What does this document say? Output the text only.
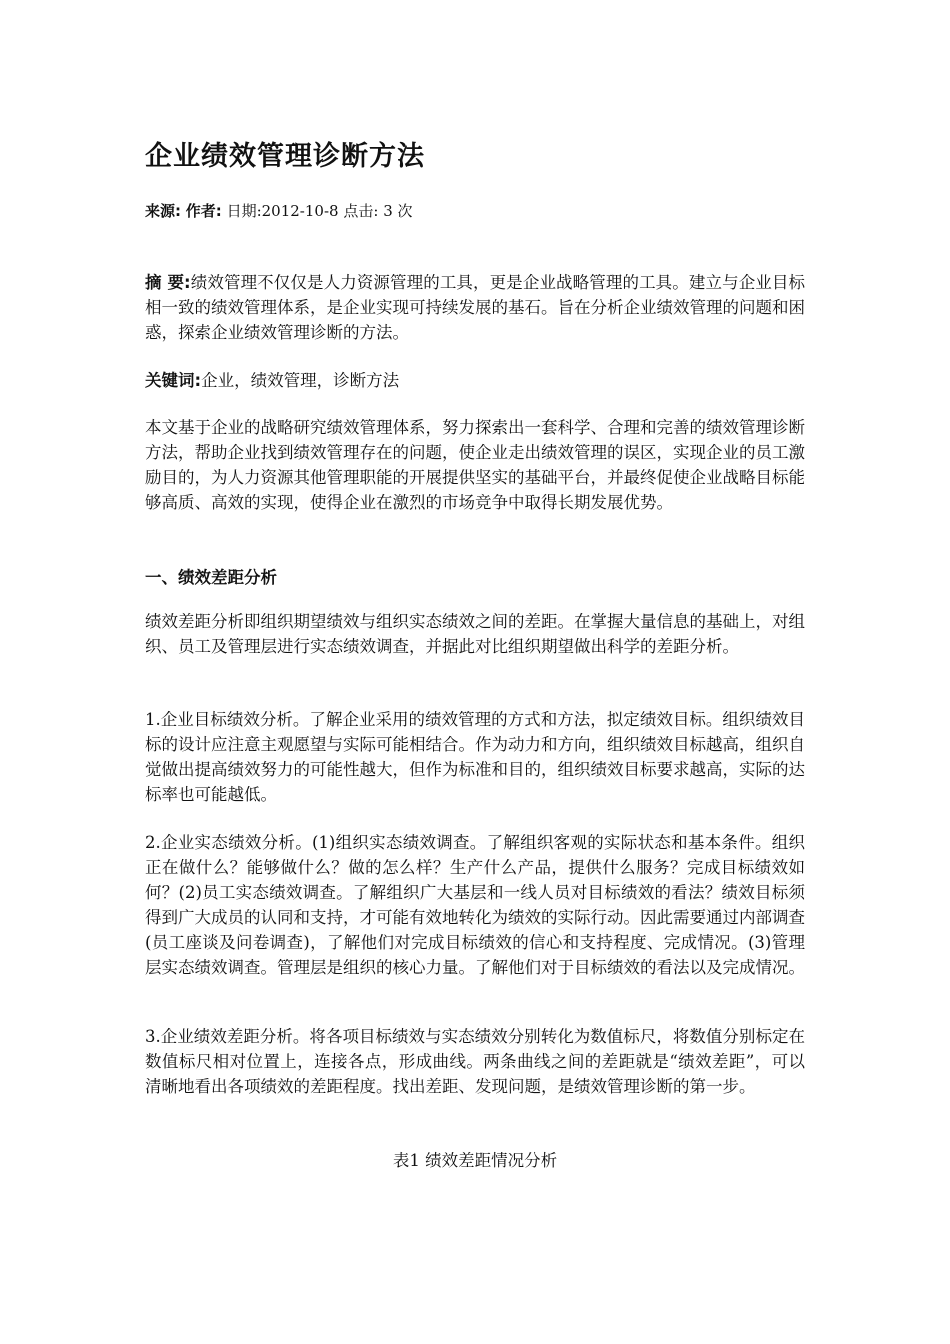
企业绩效管理诊断方法
来源: 作者: 日期:2012-10-8 点击: 3 次

摘 要:绩效管理不仅仅是人力资源管理的工具，更是企业战略管理的工具。建立与企业目标相一致的绩效管理体系，是企业实现可持续发展的基石。旨在分析企业绩效管理的问题和困惑，探索企业绩效管理诊断的方法。

关键词:企业，绩效管理，诊断方法

本文基于企业的战略研究绩效管理体系，努力探索出一套科学、合理和完善的绩效管理诊断方法，帮助企业找到绩效管理存在的问题，使企业走出绩效管理的误区，实现企业的员工激励目的，为人力资源其他管理职能的开展提供坚实的基础平台，并最终促使企业战略目标能够高质、高效的实现，使得企业在激烈的市场竞争中取得长期发展优势。

一、绩效差距分析

绩效差距分析即组织期望绩效与组织实态绩效之间的差距。在掌握大量信息的基础上，对组织、员工及管理层进行实态绩效调查，并据此对比组织期望做出科学的差距分析。

1.企业目标绩效分析。了解企业采用的绩效管理的方式和方法，拟定绩效目标。组织绩效目标的设计应注意主观愿望与实际可能相结合。作为动力和方向，组织绩效目标越高，组织自觉做出提高绩效努力的可能性越大，但作为标准和目的，组织绩效目标要求越高，实际的达标率也可能越低。

2.企业实态绩效分析。(1)组织实态绩效调查。了解组织客观的实际状态和基本条件。组织正在做什么？能够做什么？做的怎么样？生产什么产品，提供什么服务？完成目标绩效如何？(2)员工实态绩效调查。了解组织广大基层和一线人员对目标绩效的看法？绩效目标须得到广大成员的认同和支持，才可能有效地转化为绩效的实际行动。因此需要通过内部调查(员工座谈及问卷调查)，了解他们对完成目标绩效的信心和支持程度、完成情况。(3)管理层实态绩效调查。管理层是组织的核心力量。了解他们对于目标绩效的看法以及完成情况。

3.企业绩效差距分析。将各项目标绩效与实态绩效分别转化为数值标尺，将数值分别标定在数值标尺相对位置上，连接各点，形成曲线。两条曲线之间的差距就是“绩效差距”，可以清晰地看出各项绩效的差距程度。找出差距、发现问题，是绩效管理诊断的第一步。

表1 绩效差距情况分析
